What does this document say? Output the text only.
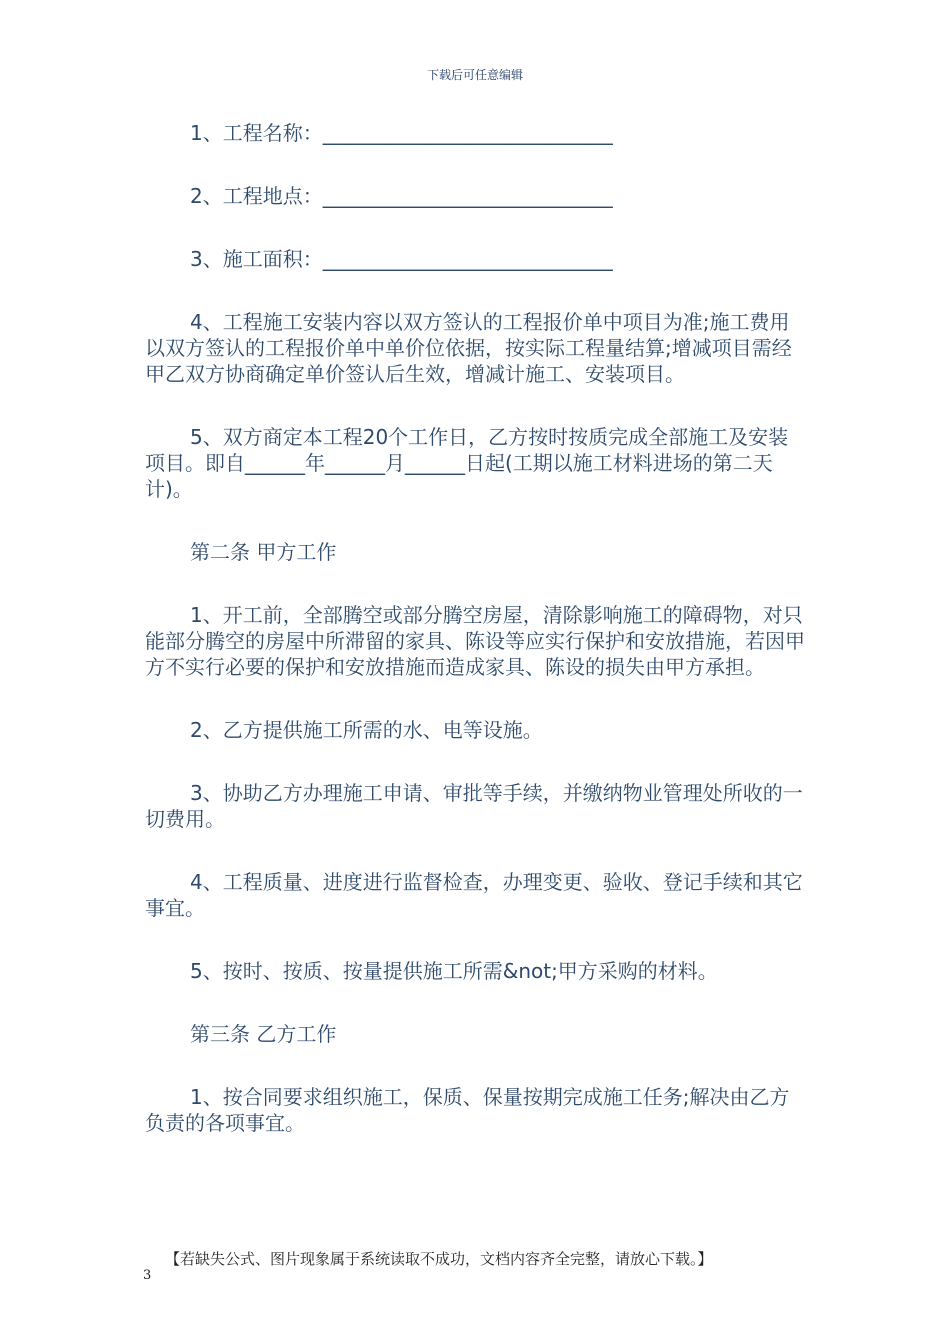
下载后可任意编辑

1、工程名称：_____________________________

2、工程地点：_____________________________

3、施工面积：_____________________________

4、工程施工安装内容以双方签认的工程报价单中项目为准;施工费用以双方签认的工程报价单中单价位依据，按实际工程量结算;增减项目需经甲乙双方协商确定单价签认后生效，增减计施工、安装项目。

5、双方商定本工程20个工作日，乙方按时按质完成全部施工及安装项目。即自______年______月______日起(工期以施工材料进场的第二天计)。

第二条 甲方工作

1、开工前，全部腾空或部分腾空房屋，清除影响施工的障碍物，对只能部分腾空的房屋中所滞留的家具、陈设等应实行保护和安放措施，若因甲方不实行必要的保护和安放措施而造成家具、陈设的损失由甲方承担。

2、乙方提供施工所需的水、电等设施。

3、协助乙方办理施工申请、审批等手续，并缴纳物业管理处所收的一切费用。

4、工程质量、进度进行监督检查，办理变更、验收、登记手续和其它事宜。

5、按时、按质、按量提供施工所需&not;甲方采购的材料。

第三条 乙方工作

1、按合同要求组织施工，保质、保量按期完成施工任务;解决由乙方负责的各项事宜。

【若缺失公式、图片现象属于系统读取不成功，文档内容齐全完整，请放心下载。】
3
